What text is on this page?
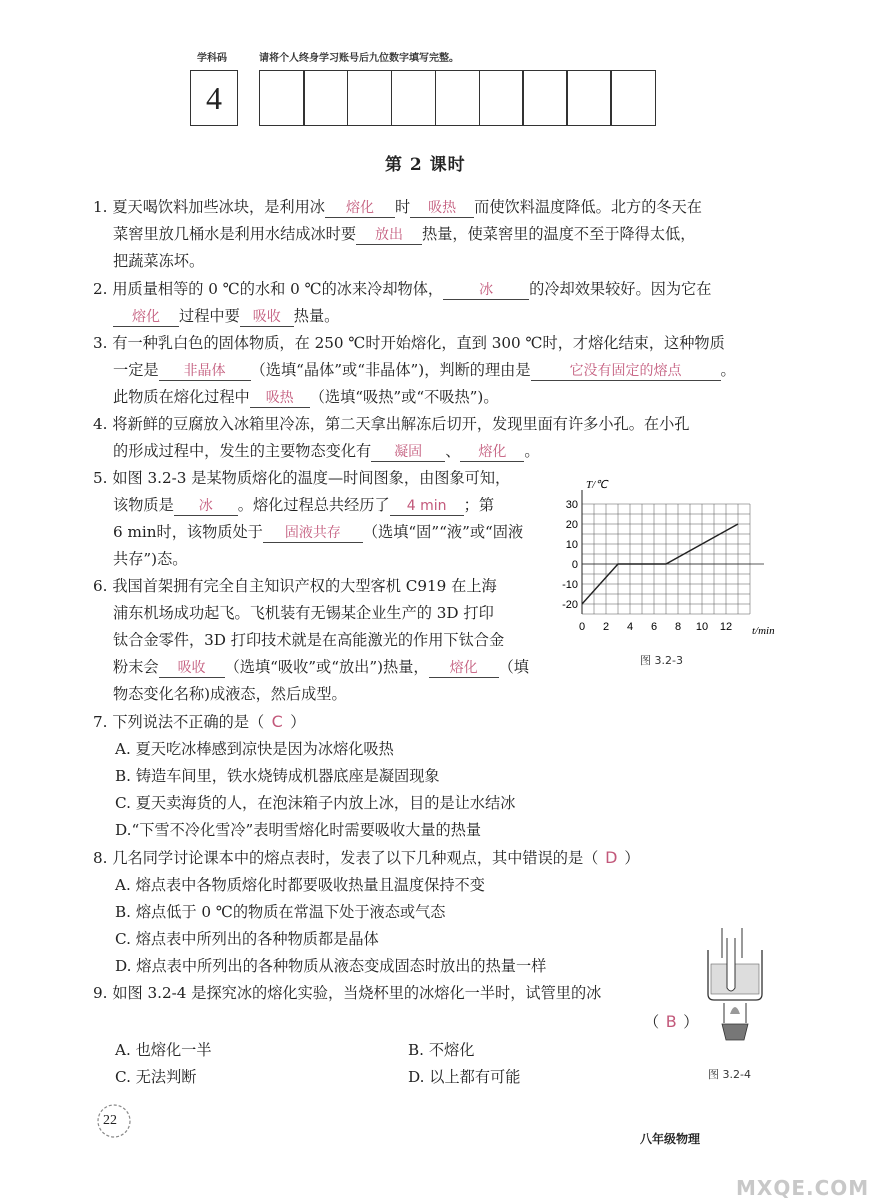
学科码	请将个人终身学习账号后九位数字填写完整。
4
第 2 课时
1. 夏天喝饮料加些冰块，是利用冰 熔化 时 吸热 而使饮料温度降低。北方的冬天在
菜窖里放几桶水是利用水结成冰时要 放出 热量，使菜窖里的温度不至于降得太低，
把蔬菜冻坏。
2. 用质量相等的 0 ℃的水和 0 ℃的冰来冷却物体，	冰 的冷却效果较好。因为它在
熔化 过程中要 吸收 热量。
3. 有一种乳白色的固体物质，在 250 ℃时开始熔化，直到 300 ℃时，才熔化结束，这种物质
一定是 非晶体 （选填“晶体”或“非晶体”)，判断的理由是	它没有固定的熔点	。
此物质在熔化过程中 吸热 （选填“吸热”或“不吸热”)。
4. 将新鲜的豆腐放入冰箱里冷冻，第二天拿出解冻后切开，发现里面有许多小孔。在小孔
的形成过程中，发生的主要物态变化有 凝固 、 熔化 。
5. 如图 3.2-3 是某物质熔化的温度—时间图象，由图象可知，
该物质是 冰 。熔化过程总共经历了 4 min ；第
6 min时，该物质处于 固液共存 （选填“固”“液”或“固液
共存”)态。
6. 我国首架拥有完全自主知识产权的大型客机 C919 在上海
浦东机场成功起飞。飞机装有无锡某企业生产的 3D 打印
钛合金零件，3D 打印技术就是在高能激光的作用下钛合金
粉末会 吸收 （选填“吸收”或“放出”)热量， 熔化 （填
物态变化名称)成液态，然后成型。
30
20
10
0
-10
-20
0 2 4 6 8 10 12
T/℃
t/min
图 3.2-3
7. 下列说法不正确的是（ C ）
A. 夏天吃冰棒感到凉快是因为冰熔化吸热
B. 铸造车间里，铁水烧铸成机器底座是凝固现象
C. 夏天卖海货的人，在泡沫箱子内放上冰，目的是让水结冰
D.“下雪不冷化雪冷”表明雪熔化时需要吸收大量的热量
8. 几名同学讨论课本中的熔点表时，发表了以下几种观点，其中错误的是（ D ）
A. 熔点表中各物质熔化时都要吸收热量且温度保持不变
B. 熔点低于 0 ℃的物质在常温下处于液态或气态
C. 熔点表中所列出的各种物质都是晶体
D. 熔点表中所列出的各种物质从液态变成固态时放出的热量一样
9. 如图 3.2-4 是探究冰的熔化实验，当烧杯里的冰熔化一半时，试管里的冰
（ B ）
A. 也熔化一半	B. 不熔化
C. 无法判断	D. 以上都有可能	图 3.2-4
22
八年级物理
MXQE.COM
